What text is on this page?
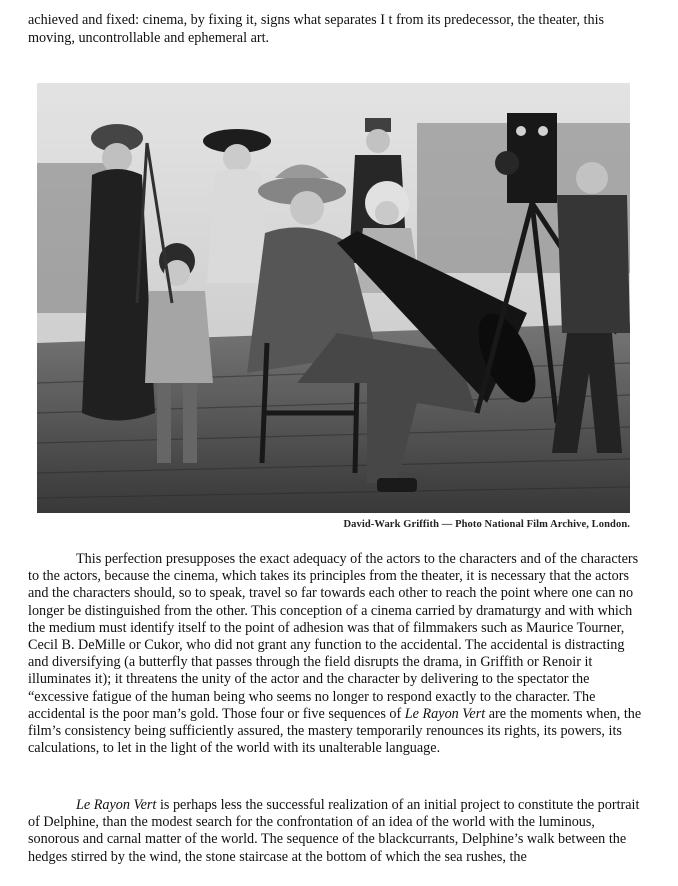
achieved and fixed: cinema, by fixing it, signs what separates I t from its predecessor, the theater, this moving, uncontrollable and ephemeral art.

David-Wark Griffith — Photo National Film Archive, London.

This perfection presupposes the exact adequacy of the actors to the characters and of the characters to the actors, because the cinema, which takes its principles from the theater, it is necessary that the actors and the characters should, so to speak, travel so far towards each other to reach the point where one can no longer be distinguished from the other. This conception of a cinema carried by dramaturgy and with which the medium must identify itself to the point of adhesion was that of filmmakers such as Maurice Tourner, Cecil B. DeMille or Cukor, who did not grant any function to the accidental. The accidental is distracting and diversifying (a butterfly that passes through the field disrupts the drama, in Griffith or Renoir it illuminates it); it threatens the unity of the actor and the character by delivering to the spectator the “excessive fatigue of the human being who seems no longer to respond exactly to the character. The accidental is the poor man’s gold. Those four or five sequences of Le Rayon Vert are the moments when, the film’s consistency being sufficiently assured, the mastery temporarily renounces its rights, its powers, its calculations, to let in the light of the world with its unalterable language.

Le Rayon Vert is perhaps less the successful realization of an initial project to constitute the portrait of Delphine, than the modest search for the confrontation of an idea of the world with the luminous, sonorous and carnal matter of the world. The sequence of the blackcurrants, Delphine’s walk between the hedges stirred by the wind, the stone staircase at the bottom of which the sea rushes, the
